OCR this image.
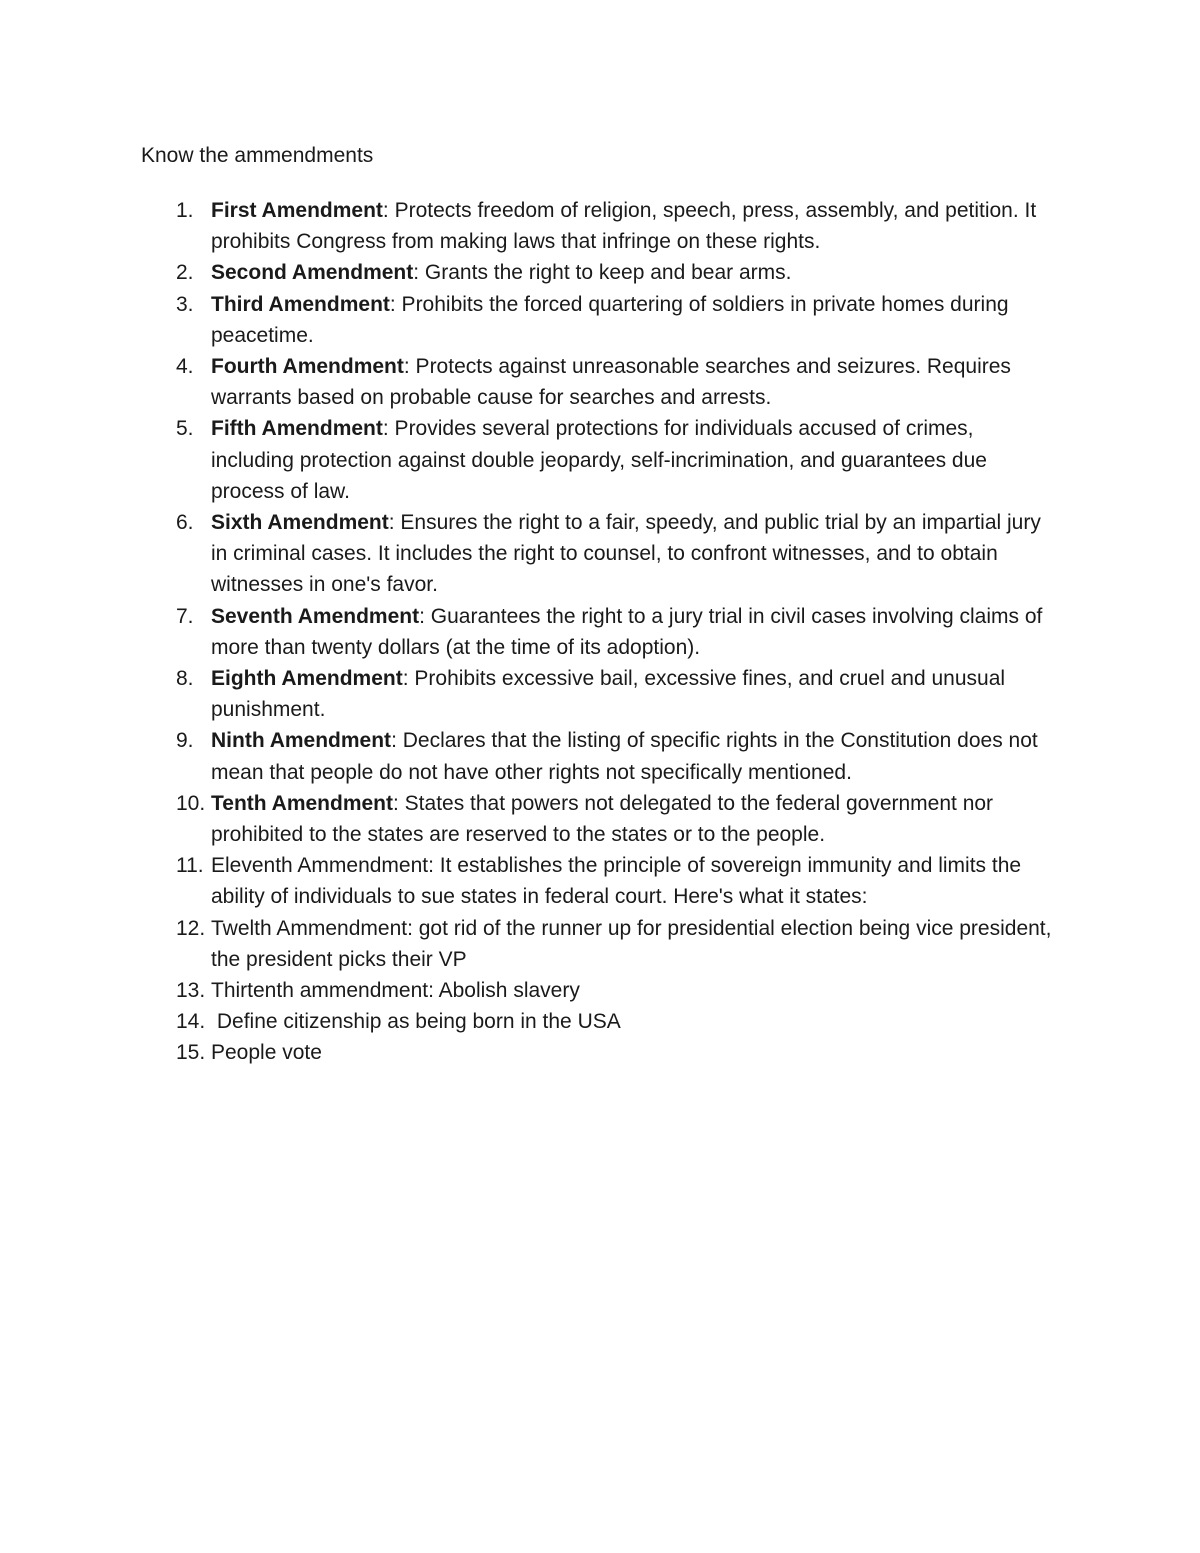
Know the ammendments
1. First Amendment: Protects freedom of religion, speech, press, assembly, and petition. It prohibits Congress from making laws that infringe on these rights.
2. Second Amendment: Grants the right to keep and bear arms.
3. Third Amendment: Prohibits the forced quartering of soldiers in private homes during peacetime.
4. Fourth Amendment: Protects against unreasonable searches and seizures. Requires warrants based on probable cause for searches and arrests.
5. Fifth Amendment: Provides several protections for individuals accused of crimes, including protection against double jeopardy, self-incrimination, and guarantees due process of law.
6. Sixth Amendment: Ensures the right to a fair, speedy, and public trial by an impartial jury in criminal cases. It includes the right to counsel, to confront witnesses, and to obtain witnesses in one's favor.
7. Seventh Amendment: Guarantees the right to a jury trial in civil cases involving claims of more than twenty dollars (at the time of its adoption).
8. Eighth Amendment: Prohibits excessive bail, excessive fines, and cruel and unusual punishment.
9. Ninth Amendment: Declares that the listing of specific rights in the Constitution does not mean that people do not have other rights not specifically mentioned.
10. Tenth Amendment: States that powers not delegated to the federal government nor prohibited to the states are reserved to the states or to the people.
11. Eleventh Ammendment: It establishes the principle of sovereign immunity and limits the ability of individuals to sue states in federal court. Here's what it states:
12. Twelth Ammendment: got rid of the runner up for presidential election being vice president, the president picks their VP
13. Thirtenth ammendment: Abolish slavery
14. Define citizenship as being born in the USA
15. People vote
